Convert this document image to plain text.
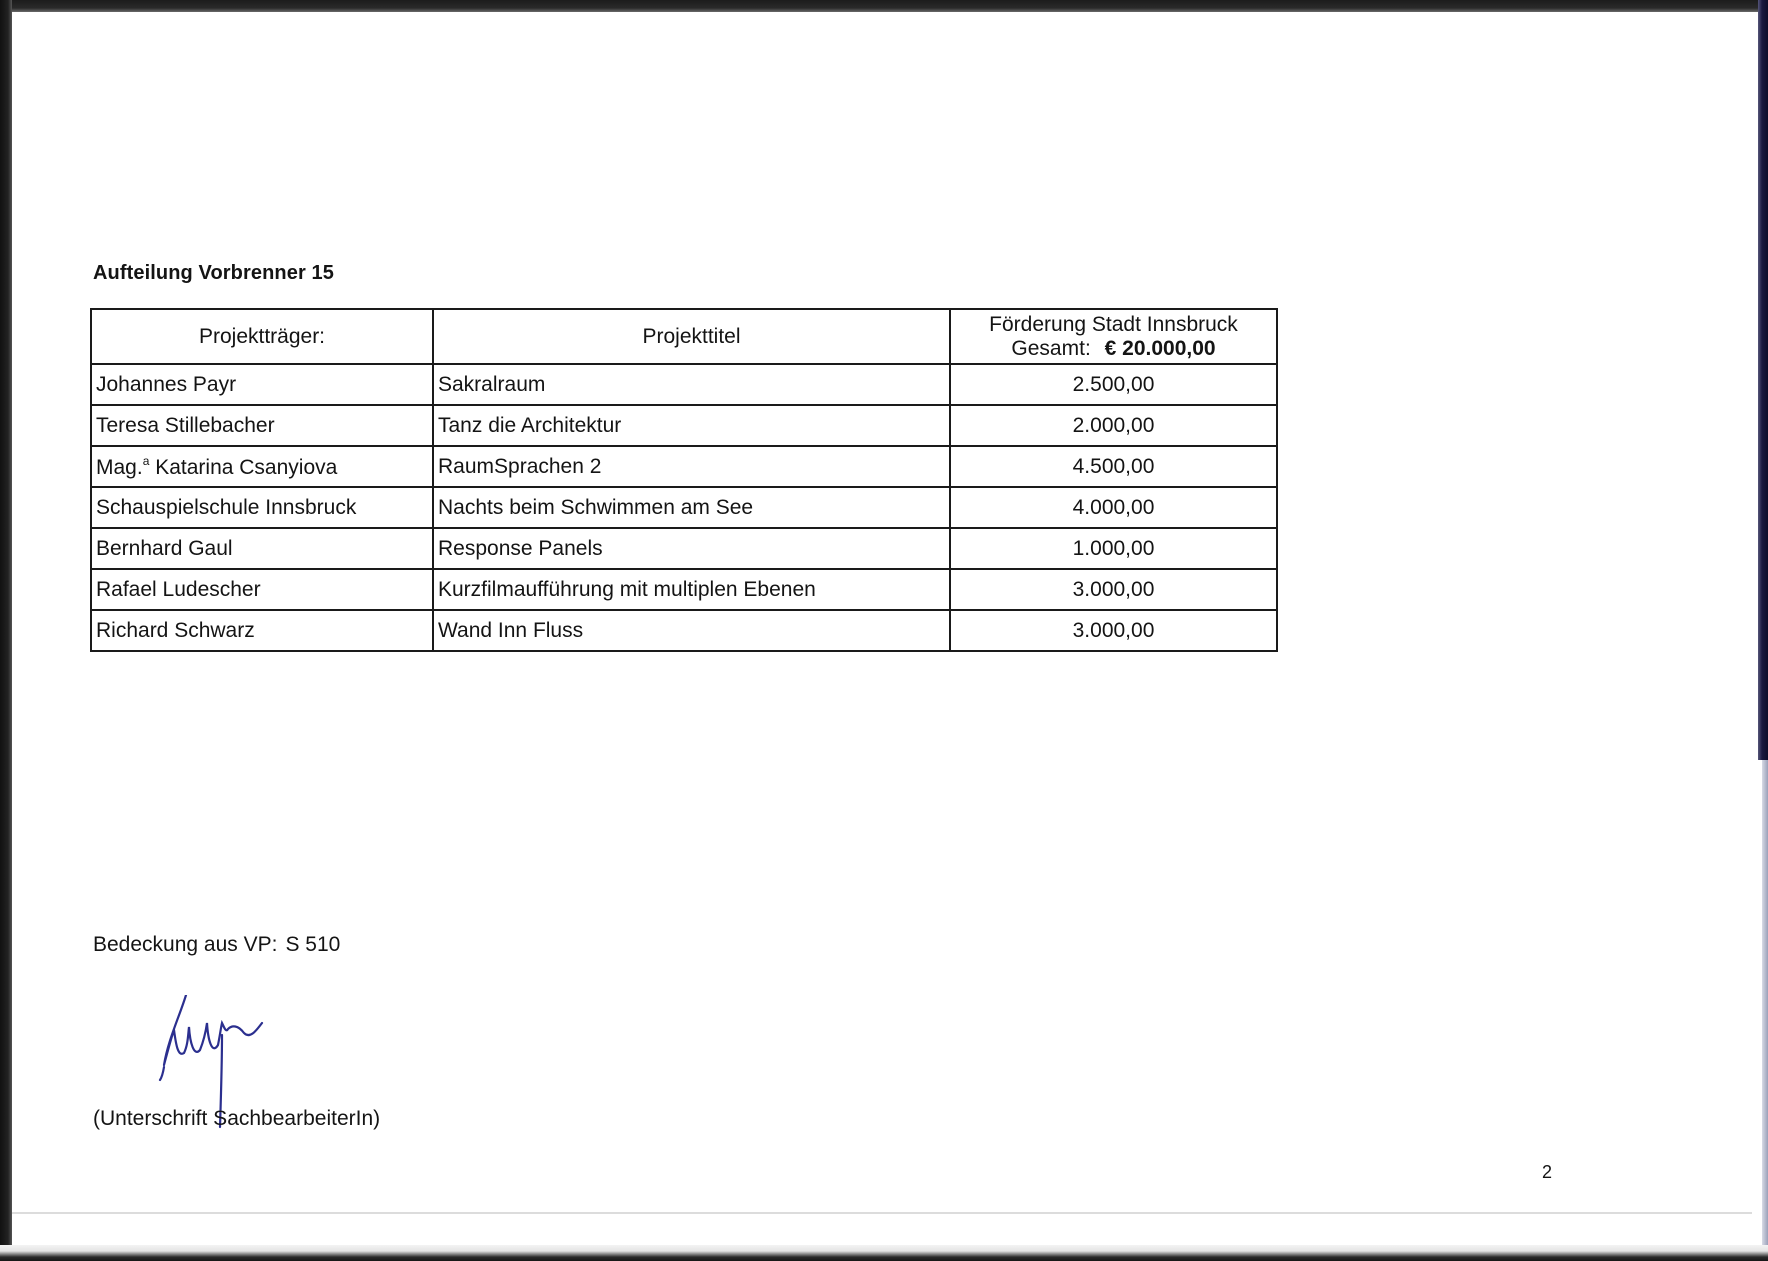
Aufteilung Vorbrenner 15
Projektträger:	Projekttitel	Förderung Stadt Innsbruck
Gesamt: € 20.000,00

Johannes Payr	Sakralraum	2.500,00
Teresa Stillebacher	Tanz die Architektur	2.000,00
Mag.$^a$ Katarina Csanyiova	RaumSprachen 2	4.500,00
Schauspielschule Innsbruck	Nachts beim Schwimmen am See	4.000,00
Bernhard Gaul	Response Panels	1.000,00
Rafael Ludescher	Kurzfilmaufführung mit multiplen Ebenen	3.000,00
Richard Schwarz	Wand Inn Fluss	3.000,00
Bedeckung aus VP: S 510
(Unterschrift SachbearbeiterIn)
2
